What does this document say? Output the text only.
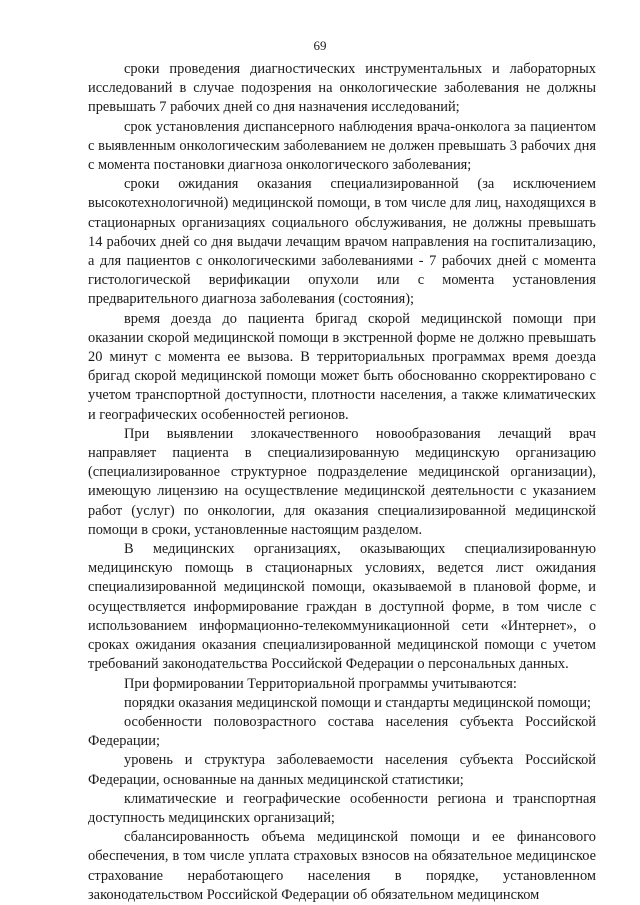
69

сроки проведения диагностических инструментальных и лабораторных исследований в случае подозрения на онкологические заболевания не должны превышать 7 рабочих дней со дня назначения исследований;

срок установления диспансерного наблюдения врача-онколога за пациентом с выявленным онкологическим заболеванием не должен превышать 3 рабочих дня с момента постановки диагноза онкологического заболевания;

сроки ожидания оказания специализированной (за исключением высокотехнологичной) медицинской помощи, в том числе для лиц, находящихся в стационарных организациях социального обслуживания, не должны превышать 14 рабочих дней со дня выдачи лечащим врачом направления на госпитализацию, а для пациентов с онкологическими заболеваниями - 7 рабочих дней с момента гистологической верификации опухоли или с момента установления предварительного диагноза заболевания (состояния);

время доезда до пациента бригад скорой медицинской помощи при оказании скорой медицинской помощи в экстренной форме не должно превышать 20 минут с момента ее вызова. В территориальных программах время доезда бригад скорой медицинской помощи может быть обоснованно скорректировано с учетом транспортной доступности, плотности населения, а также климатических и географических особенностей регионов.

При выявлении злокачественного новообразования лечащий врач направляет пациента в специализированную медицинскую организацию (специализированное структурное подразделение медицинской организации), имеющую лицензию на осуществление медицинской деятельности с указанием работ (услуг) по онкологии, для оказания специализированной медицинской помощи в сроки, установленные настоящим разделом.

В медицинских организациях, оказывающих специализированную медицинскую помощь в стационарных условиях, ведется лист ожидания специализированной медицинской помощи, оказываемой в плановой форме, и осуществляется информирование граждан в доступной форме, в том числе с использованием информационно-телекоммуникационной сети «Интернет», о сроках ожидания оказания специализированной медицинской помощи с учетом требований законодательства Российской Федерации о персональных данных.

При формировании Территориальной программы учитываются:

порядки оказания медицинской помощи и стандарты медицинской помощи;

особенности половозрастного состава населения субъекта Российской Федерации;

уровень и структура заболеваемости населения субъекта Российской Федерации, основанные на данных медицинской статистики;

климатические и географические особенности региона и транспортная доступность медицинских организаций;

сбалансированность объема медицинской помощи и ее финансового обеспечения, в том числе уплата страховых взносов на обязательное медицинское страхование неработающего населения в порядке, установленном законодательством Российской Федерации об обязательном медицинском
